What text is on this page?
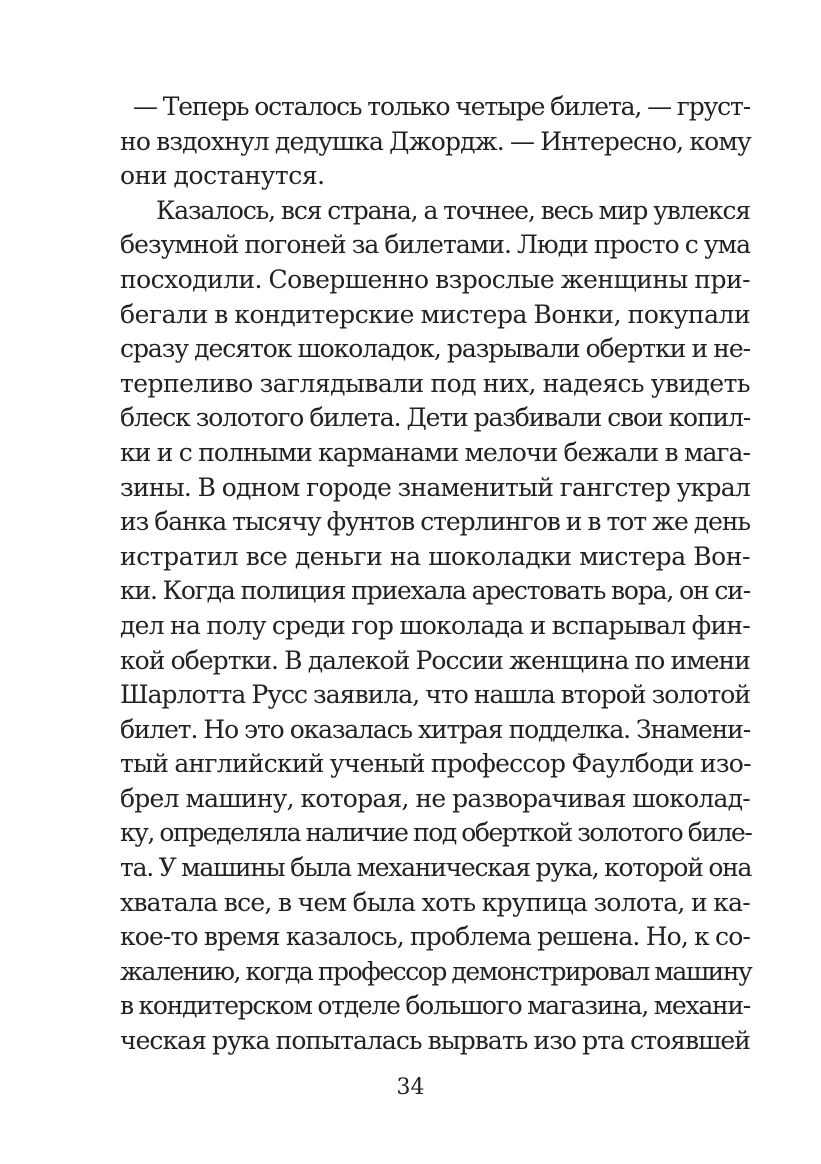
— Теперь осталось только четыре билета, — груст-
но вздохнул дедушка Джордж. — Интересно, кому
они достанутся.
Казалось, вся страна, а точнее, весь мир увлекся
безумной погоней за билетами. Люди просто с ума
посходили. Совершенно взрослые женщины при-
бегали в кондитерские мистера Вонки, покупали
сразу десяток шоколадок, разрывали обертки и не-
терпеливо заглядывали под них, надеясь увидеть
блеск золотого билета. Дети разбивали свои копил-
ки и с полными карманами мелочи бежали в мага-
зины. В одном городе знаменитый гангстер украл
из банка тысячу фунтов стерлингов и в тот же день
истратил все деньги на шоколадки мистера Вон-
ки. Когда полиция приехала арестовать вора, он си-
дел на полу среди гор шоколада и вспарывал фин-
кой обертки. В далекой России женщина по имени
Шарлотта Русс заявила, что нашла второй золотой
билет. Но это оказалась хитрая подделка. Знамени-
тый английский ученый профессор Фаулбоди изо-
брел машину, которая, не разворачивая шоколад-
ку, определяла наличие под оберткой золотого биле-
та. У машины была механическая рука, которой она
хватала все, в чем была хоть крупица золота, и ка-
кое-то время казалось, проблема решена. Но, к со-
жалению, когда профессор демонстрировал машину
в кондитерском отделе большого магазина, механи-
ческая рука попыталась вырвать изо рта стоявшей
34
